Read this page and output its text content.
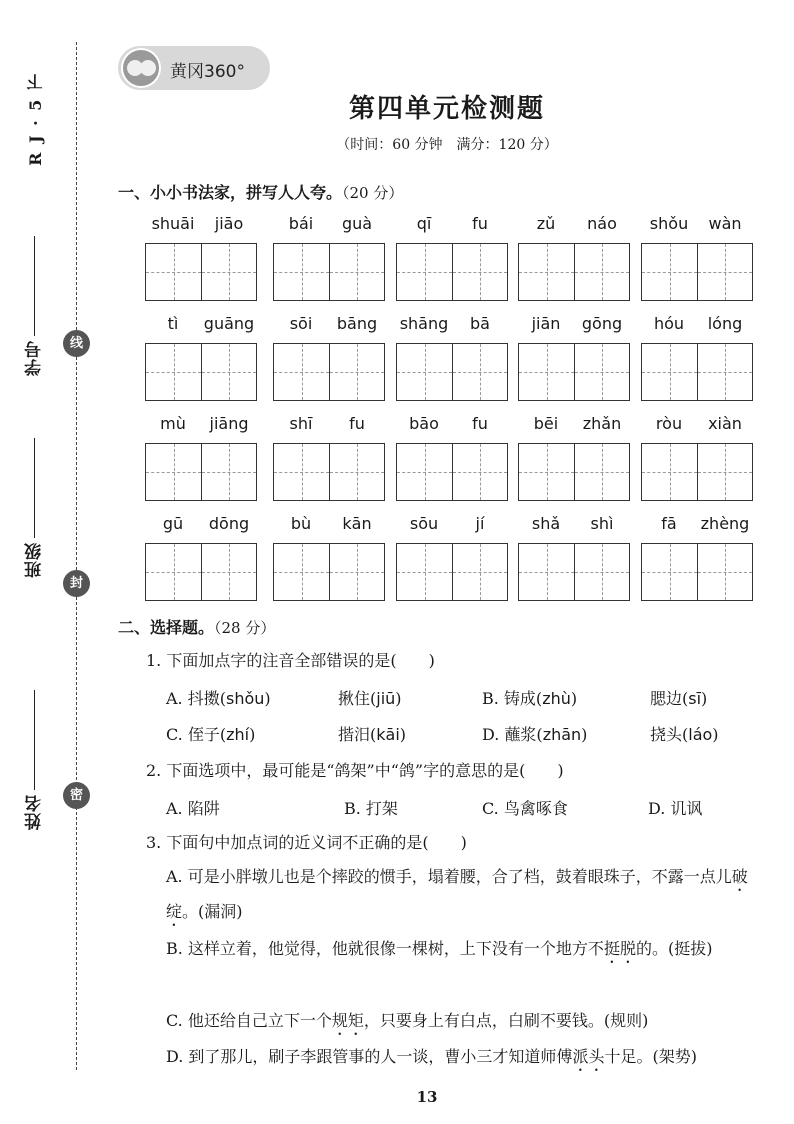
R J · 5 下
学号
班级
姓名
线
封
密
黄冈360°
第四单元检测题
（时间：60 分钟　满分：120 分）
一、小小书法家，拼写人人夸。（20 分）
shuāi	jiāo	bái	guà	qī	fu	zǔ	náo	shǒu	wàn
tì	guāng	sōi	bāng	shāng	bā	jiān	gōng	hóu	lóng
mù	jiāng	shī	fu	bāo	fu	bēi	zhǎn	ròu	xiàn
gū	dōng	bù	kān	sōu	jí	shǎ	shì	fā	zhèng
二、选择题。（28 分）
1. 下面加点字的注音全部错误的是(　　)
A. 抖擞(shǒu)	揪住(jiū)	B. 铸成(zhù)	腮边(sī)
C. 侄子(zhí)	揩汨(kāi)	D. 蘸浆(zhān)	挠头(láo)
2. 下面选项中，最可能是“鸽架”中“鸽”字的意思的是(　　)
A. 陷阱	B. 打架	C. 鸟禽啄食	D. 讥讽
3. 下面句中加点词的近义词不正确的是(　　)
A. 可是小胖墩儿也是个摔跤的惯手，塌着腰，合了档，鼓着眼珠子，不露一点儿破绽。(漏洞)
B. 这样立着，他觉得，他就很像一棵树，上下没有一个地方不挺脱的。(挺拔)
C. 他还给自己立下一个规矩，只要身上有白点，白刷不要钱。(规则)
D. 到了那儿，刷子李跟管事的人一谈，曹小三才知道师傅派头十足。(架势)
13
